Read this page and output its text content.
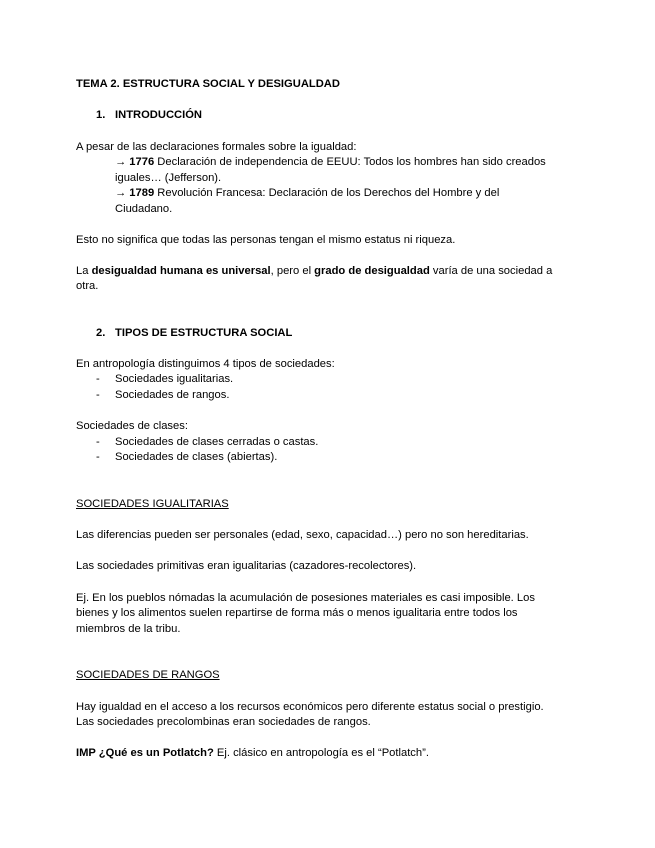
TEMA 2. ESTRUCTURA SOCIAL Y DESIGUALDAD
1. INTRODUCCIÓN
A pesar de las declaraciones formales sobre la igualdad:
→ 1776 Declaración de independencia de EEUU: Todos los hombres han sido creados
iguales… (Jefferson).
→ 1789 Revolución Francesa: Declaración de los Derechos del Hombre y del
Ciudadano.
Esto no significa que todas las personas tengan el mismo estatus ni riqueza.
La desigualdad humana es universal, pero el grado de desigualdad varía de una sociedad a
otra.
2. TIPOS DE ESTRUCTURA SOCIAL
En antropología distinguimos 4 tipos de sociedades:
- Sociedades igualitarias.
- Sociedades de rangos.
Sociedades de clases:
- Sociedades de clases cerradas o castas.
- Sociedades de clases (abiertas).
SOCIEDADES IGUALITARIAS
Las diferencias pueden ser personales (edad, sexo, capacidad…) pero no son hereditarias.
Las sociedades primitivas eran igualitarias (cazadores-recolectores).
Ej. En los pueblos nómadas la acumulación de posesiones materiales es casi imposible. Los
bienes y los alimentos suelen repartirse de forma más o menos igualitaria entre todos los
miembros de la tribu.
SOCIEDADES DE RANGOS
Hay igualdad en el acceso a los recursos económicos pero diferente estatus social o prestigio.
Las sociedades precolombinas eran sociedades de rangos.
IMP ¿Qué es un Potlatch? Ej. clásico en antropología es el “Potlatch”.
